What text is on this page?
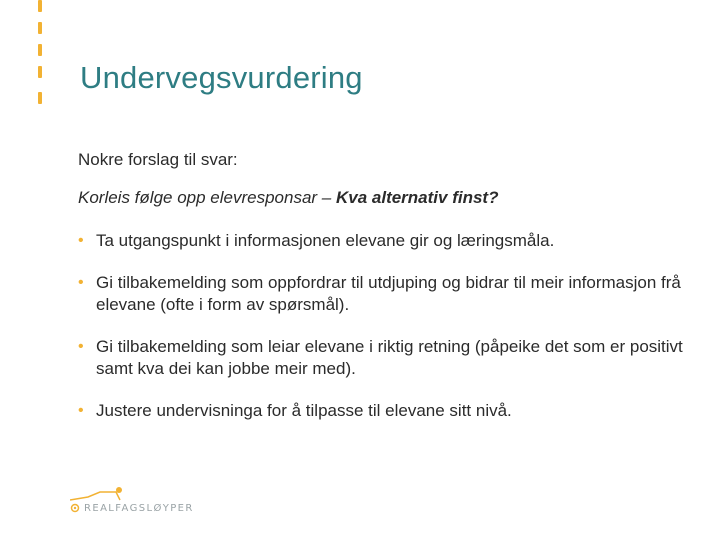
Undervegsvurdering

Nokre forslag til svar:

Korleis følge opp elevresponsar – Kva alternativ finst?

• Ta utgangspunkt i informasjonen elevane gir og læringsmåla.
• Gi tilbakemelding som oppfordrar til utdjuping og bidrar til meir informasjon frå elevane (ofte i form av spørsmål).
• Gi tilbakemelding som leiar elevane i riktig retning (påpeike det som er positivt samt kva dei kan jobbe meir med).
• Justere undervisninga for å tilpasse til elevane sitt nivå.
REALFAGSLØYPER
